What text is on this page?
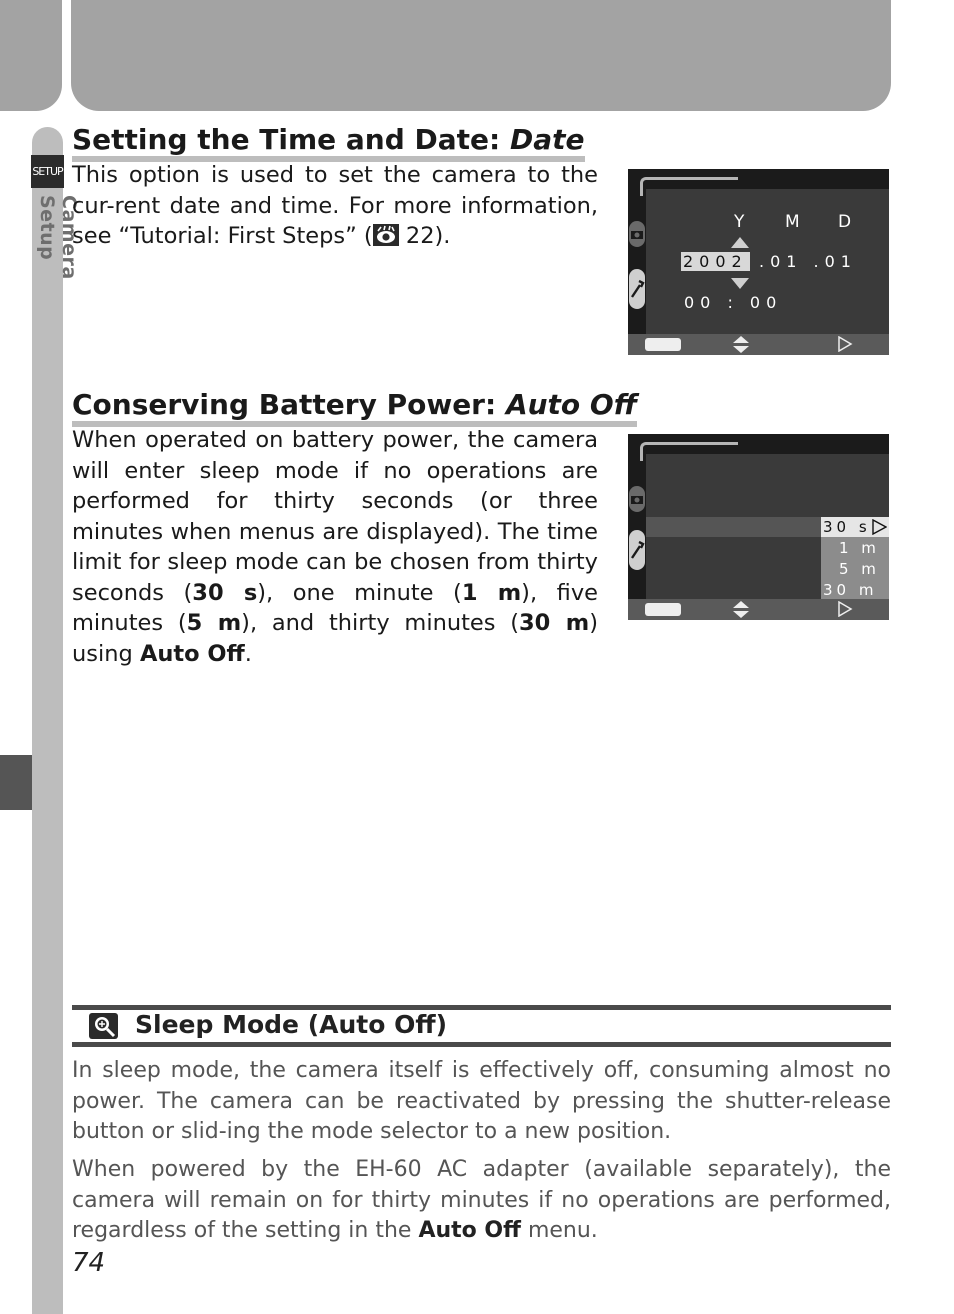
SETUP
Camera Setup
Setting the Time and Date: Date

This option is used to set the camera to the cur-rent date and time. For more information, see “Tutorial: First Steps” ( 22).

Y M D
2002 .01 .01
00 : 00
Conserving Battery Power: Auto Off

When operated on battery power, the camera will enter sleep mode if no operations are performed for thirty seconds (or three minutes when menus are displayed). The time limit for sleep mode can be chosen from thirty seconds (30 s), one minute (1 m), five minutes (5 m), and thirty minutes (30 m) using Auto Off.

30 s
1 m
5 m
30 m
Sleep Mode (Auto Off)

In sleep mode, the camera itself is effectively off, consuming almost no power. The camera can be reactivated by pressing the shutter-release button or slid-ing the mode selector to a new position.

When powered by the EH-60 AC adapter (available separately), the camera will remain on for thirty minutes if no operations are performed, regardless of the setting in the Auto Off menu.

74
